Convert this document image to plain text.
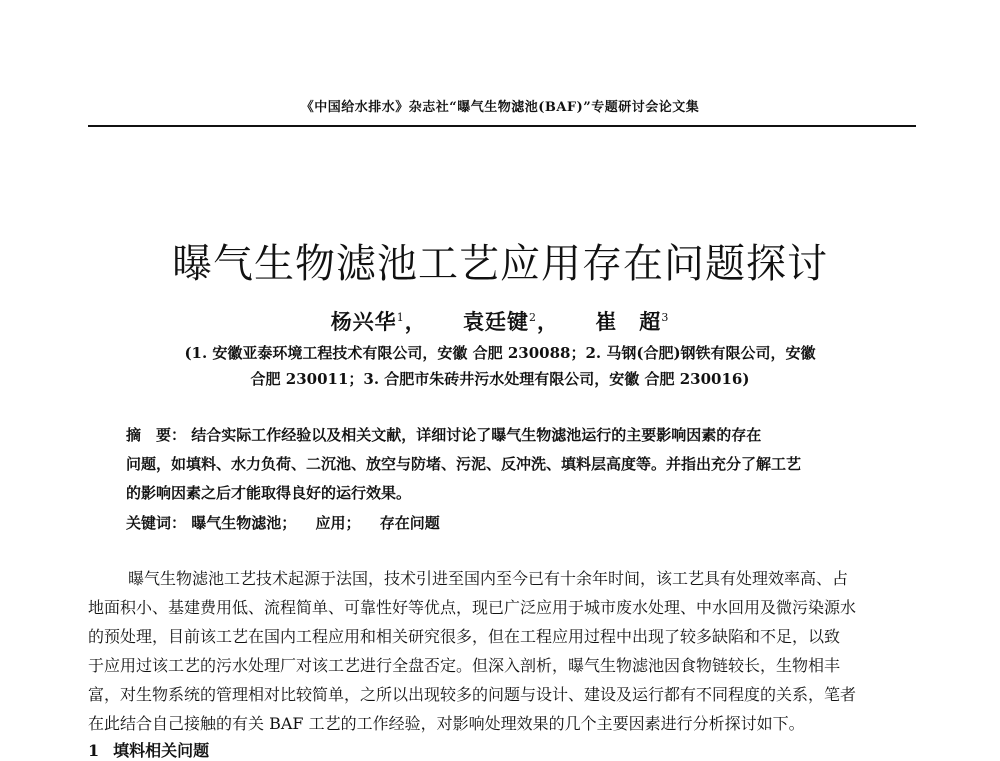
《中国给水排水》杂志社“曝气生物滤池(BAF)”专题研讨会论文集
曝气生物滤池工艺应用存在问题探讨
杨兴华$^1$， 袁廷键$^2$， 崔　超$^3$
(1. 安徽亚泰环境工程技术有限公司，安徽 合肥 230088；2. 马钢(合肥)钢铁有限公司，安徽
合肥 230011；3. 合肥市朱砖井污水处理有限公司，安徽 合肥 230016)
摘　要： 结合实际工作经验以及相关文献，详细讨论了曝气生物滤池运行的主要影响因素的存在
问题，如填料、水力负荷、二沉池、放空与防堵、污泥、反冲洗、填料层高度等。并指出充分了解工艺
的影响因素之后才能取得良好的运行效果。
关键词： 曝气生物滤池； 应用； 存在问题
曝气生物滤池工艺技术起源于法国，技术引进至国内至今已有十余年时间，该工艺具有处理效率高、占
地面积小、基建费用低、流程简单、可靠性好等优点，现已广泛应用于城市废水处理、中水回用及微污染源水
的预处理，目前该工艺在国内工程应用和相关研究很多，但在工程应用过程中出现了较多缺陷和不足，以致
于应用过该工艺的污水处理厂对该工艺进行全盘否定。但深入剖析，曝气生物滤池因食物链较长，生物相丰
富，对生物系统的管理相对比较简单，之所以出现较多的问题与设计、建设及运行都有不同程度的关系，笔者
在此结合自己接触的有关 BAF 工艺的工作经验，对影响处理效果的几个主要因素进行分析探讨如下。
1 填料相关问题
